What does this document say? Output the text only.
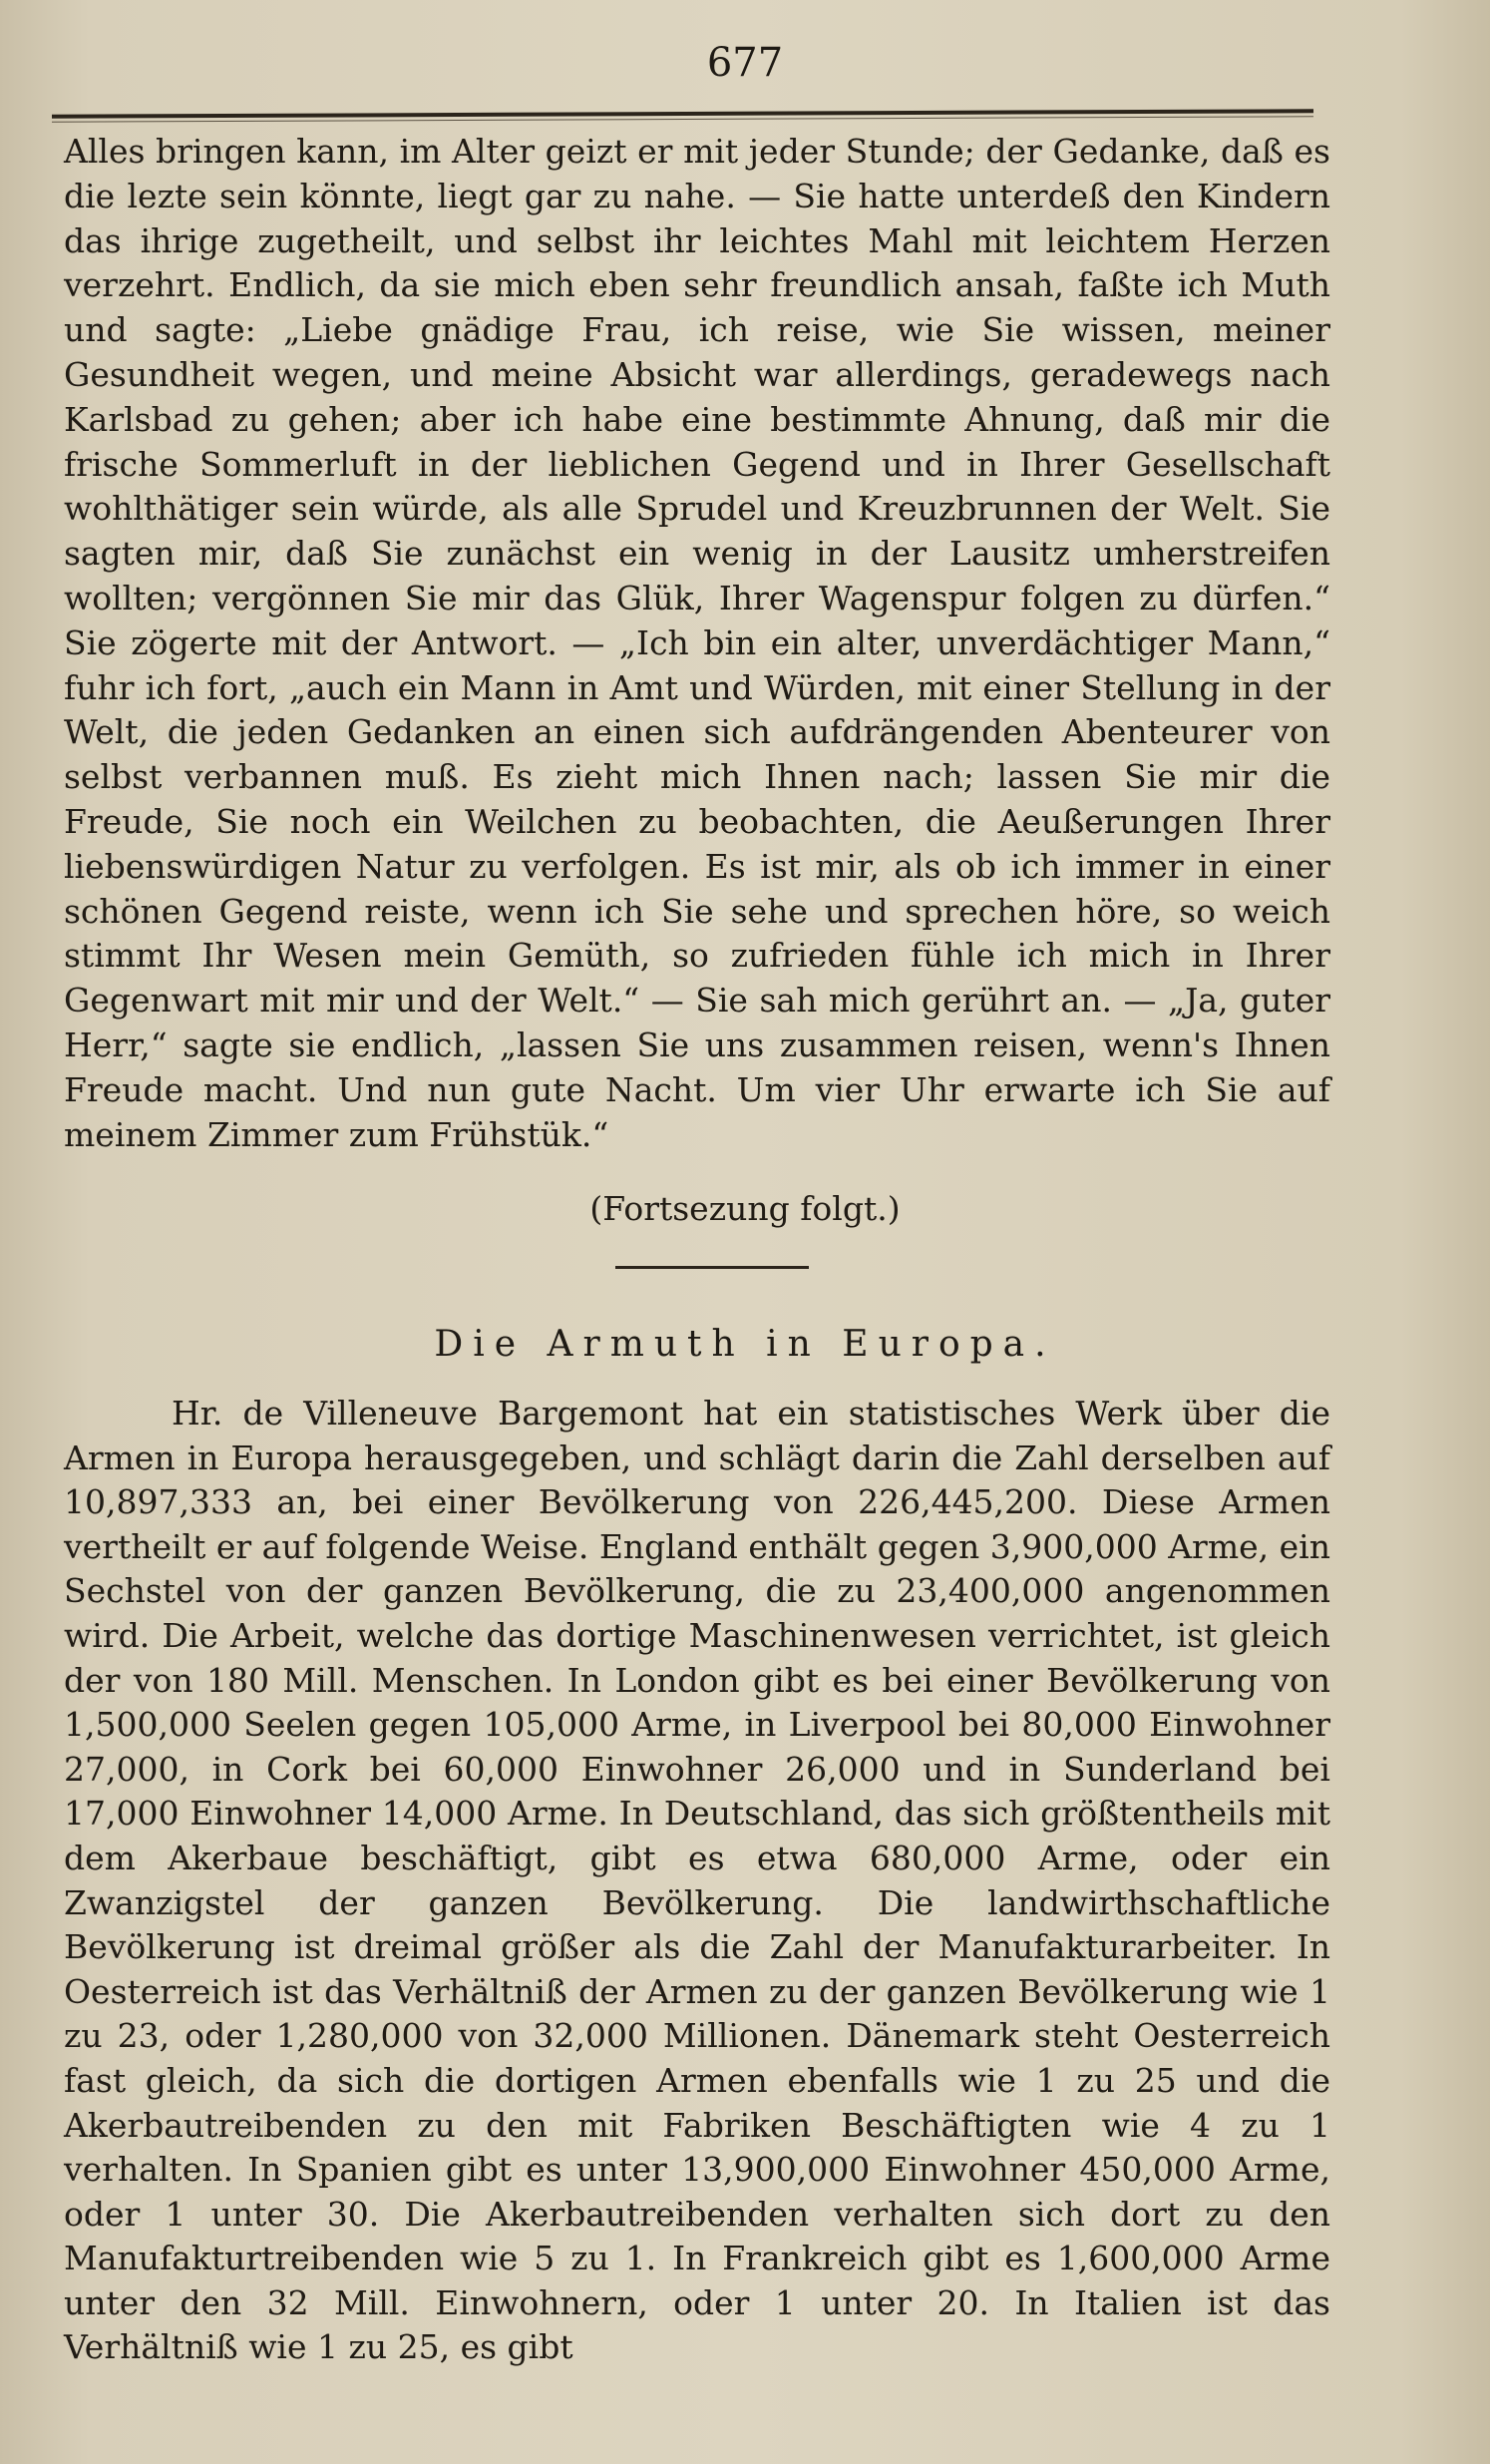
677

Alles bringen kann, im Alter geizt er mit jeder Stunde; der Gedanke, daß es die lezte sein könnte, liegt gar zu nahe. — Sie hatte unterdeß den Kindern das ihrige zugetheilt, und selbst ihr leichtes Mahl mit leichtem Herzen verzehrt. Endlich, da sie mich eben sehr freundlich ansah, faßte ich Muth und sagte: „Liebe gnädige Frau, ich reise, wie Sie wissen, meiner Gesundheit wegen, und meine Absicht war allerdings, geradewegs nach Karlsbad zu gehen; aber ich habe eine bestimmte Ahnung, daß mir die frische Sommerluft in der lieblichen Gegend und in Ihrer Gesellschaft wohlthätiger sein würde, als alle Sprudel und Kreuzbrunnen der Welt. Sie sagten mir, daß Sie zunächst ein wenig in der Lausitz umherstreifen wollten; vergönnen Sie mir das Glük, Ihrer Wagenspur folgen zu dürfen.“ Sie zögerte mit der Antwort. — „Ich bin ein alter, unverdächtiger Mann,“ fuhr ich fort, „auch ein Mann in Amt und Würden, mit einer Stellung in der Welt, die jeden Gedanken an einen sich aufdrängenden Abenteurer von selbst verbannen muß. Es zieht mich Ihnen nach; lassen Sie mir die Freude, Sie noch ein Weilchen zu beobachten, die Aeußerungen Ihrer liebenswürdigen Natur zu verfolgen. Es ist mir, als ob ich immer in einer schönen Gegend reiste, wenn ich Sie sehe und sprechen höre, so weich stimmt Ihr Wesen mein Gemüth, so zufrieden fühle ich mich in Ihrer Gegenwart mit mir und der Welt.“ — Sie sah mich gerührt an. — „Ja, guter Herr,“ sagte sie endlich, „lassen Sie uns zusammen reisen, wenn's Ihnen Freude macht. Und nun gute Nacht. Um vier Uhr erwarte ich Sie auf meinem Zimmer zum Frühstük.“

(Fortsezung folgt.)
Die Armuth in Europa.

Hr. de Villeneuve Bargemont hat ein statistisches Werk über die Armen in Europa herausgegeben, und schlägt darin die Zahl derselben auf 10,897,333 an, bei einer Bevölkerung von 226,445,200. Diese Armen vertheilt er auf folgende Weise. England enthält gegen 3,900,000 Arme, ein Sechstel von der ganzen Bevölkerung, die zu 23,400,000 angenommen wird. Die Arbeit, welche das dortige Maschinenwesen verrichtet, ist gleich der von 180 Mill. Menschen. In London gibt es bei einer Bevölkerung von 1,500,000 Seelen gegen 105,000 Arme, in Liverpool bei 80,000 Einwohner 27,000, in Cork bei 60,000 Einwohner 26,000 und in Sunderland bei 17,000 Einwohner 14,000 Arme. In Deutschland, das sich größtentheils mit dem Akerbaue beschäftigt, gibt es etwa 680,000 Arme, oder ein Zwanzigstel der ganzen Bevölkerung. Die landwirthschaftliche Bevölkerung ist dreimal größer als die Zahl der Manufakturarbeiter. In Oesterreich ist das Verhältniß der Armen zu der ganzen Bevölkerung wie 1 zu 23, oder 1,280,000 von 32,000 Millionen. Dänemark steht Oesterreich fast gleich, da sich die dortigen Armen ebenfalls wie 1 zu 25 und die Akerbautreibenden zu den mit Fabriken Beschäftigten wie 4 zu 1 verhalten. In Spanien gibt es unter 13,900,000 Einwohner 450,000 Arme, oder 1 unter 30. Die Akerbautreibenden verhalten sich dort zu den Manufakturtreibenden wie 5 zu 1. In Frankreich gibt es 1,600,000 Arme unter den 32 Mill. Einwohnern, oder 1 unter 20. In Italien ist das Verhältniß wie 1 zu 25, es gibt
